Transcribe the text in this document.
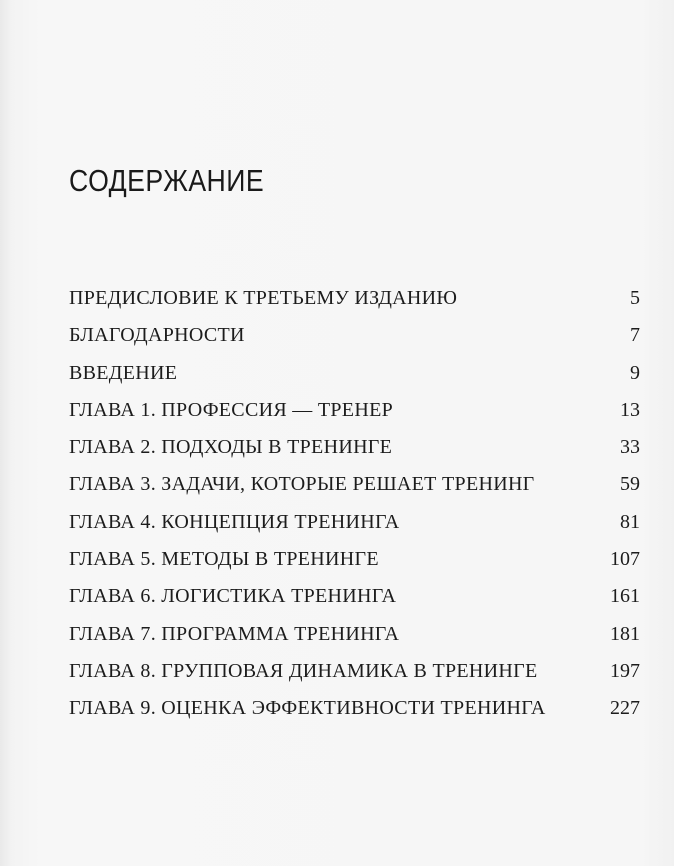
СОДЕРЖАНИЕ
ПРЕДИСЛОВИЕ К ТРЕТЬЕМУ ИЗДАНИЮ	5
БЛАГОДАРНОСТИ	7
ВВЕДЕНИЕ	9
ГЛАВА 1. ПРОФЕССИЯ — ТРЕНЕР	13
ГЛАВА 2. ПОДХОДЫ В ТРЕНИНГЕ	33
ГЛАВА 3. ЗАДАЧИ, КОТОРЫЕ РЕШАЕТ ТРЕНИНГ	59
ГЛАВА 4. КОНЦЕПЦИЯ ТРЕНИНГА	81
ГЛАВА 5. МЕТОДЫ В ТРЕНИНГЕ	107
ГЛАВА 6. ЛОГИСТИКА ТРЕНИНГА	161
ГЛАВА 7. ПРОГРАММА ТРЕНИНГА	181
ГЛАВА 8. ГРУППОВАЯ ДИНАМИКА В ТРЕНИНГЕ	197
ГЛАВА 9. ОЦЕНКА ЭФФЕКТИВНОСТИ ТРЕНИНГА	227
